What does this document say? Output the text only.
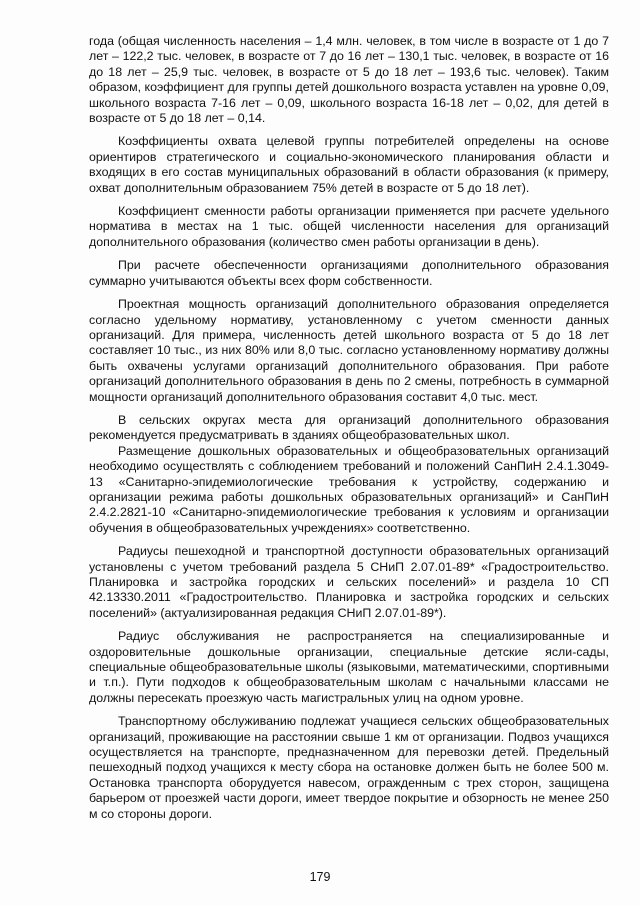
года (общая численность населения – 1,4 млн. человек, в том числе в возрасте от 1 до 7 лет – 122,2 тыс. человек, в возрасте от 7 до 16 лет – 130,1 тыс. человек, в возрасте от 16 до 18 лет – 25,9 тыс. человек, в возрасте от 5 до 18 лет – 193,6 тыс. человек). Таким образом, коэффициент для группы детей дошкольного возраста уставлен на уровне 0,09, школьного возраста 7-16 лет – 0,09, школьного возраста 16-18 лет – 0,02, для детей в возрасте от 5 до 18 лет – 0,14.

Коэффициенты охвата целевой группы потребителей определены на основе ориентиров стратегического и социально-экономического планирования области и входящих в его состав муниципальных образований в области образования (к примеру, охват дополнительным образованием 75% детей в возрасте от 5 до 18 лет).

Коэффициент сменности работы организации применяется при расчете удельного норматива в местах на 1 тыс. общей численности населения для организаций дополнительного образования (количество смен работы организации в день).

При расчете обеспеченности организациями дополнительного образования суммарно учитываются объекты всех форм собственности.

Проектная мощность организаций дополнительного образования определяется согласно удельному нормативу, установленному с учетом сменности данных организаций. Для примера, численность детей школьного возраста от 5 до 18 лет составляет 10 тыс., из них 80% или 8,0 тыс. согласно установленному нормативу должны быть охвачены услугами организаций дополнительного образования. При работе организаций дополнительного образования в день по 2 смены, потребность в суммарной мощности организаций дополнительного образования составит 4,0 тыс. мест.

В сельских округах места для организаций дополнительного образования рекомендуется предусматривать в зданиях общеобразовательных школ.

Размещение дошкольных образовательных и общеобразовательных организаций необходимо осуществлять с соблюдением требований и положений СанПиН 2.4.1.3049-13 «Санитарно-эпидемиологические требования к устройству, содержанию и организации режима работы дошкольных образовательных организаций» и СанПиН 2.4.2.2821-10 «Санитарно-эпидемиологические требования к условиям и организации обучения в общеобразовательных учреждениях» соответственно.

Радиусы пешеходной и транспортной доступности образовательных организаций установлены с учетом требований раздела 5 СНиП 2.07.01-89* «Градостроительство. Планировка и застройка городских и сельских поселений» и раздела 10 СП 42.13330.2011 «Градостроительство. Планировка и застройка городских и сельских поселений» (актуализированная редакция СНиП 2.07.01-89*).

Радиус обслуживания не распространяется на специализированные и оздоровительные дошкольные организации, специальные детские ясли-сады, специальные общеобразовательные школы (языковыми, математическими, спортивными и т.п.). Пути подходов к общеобразовательным школам с начальными классами не должны пересекать проезжую часть магистральных улиц на одном уровне.

Транспортному обслуживанию подлежат учащиеся сельских общеобразовательных организаций, проживающие на расстоянии свыше 1 км от организации. Подвоз учащихся осуществляется на транспорте, предназначенном для перевозки детей. Предельный пешеходный подход учащихся к месту сбора на остановке должен быть не более 500 м. Остановка транспорта оборудуется навесом, огражденным с трех сторон, защищена барьером от проезжей части дороги, имеет твердое покрытие и обзорность не менее 250 м со стороны дороги.

179
